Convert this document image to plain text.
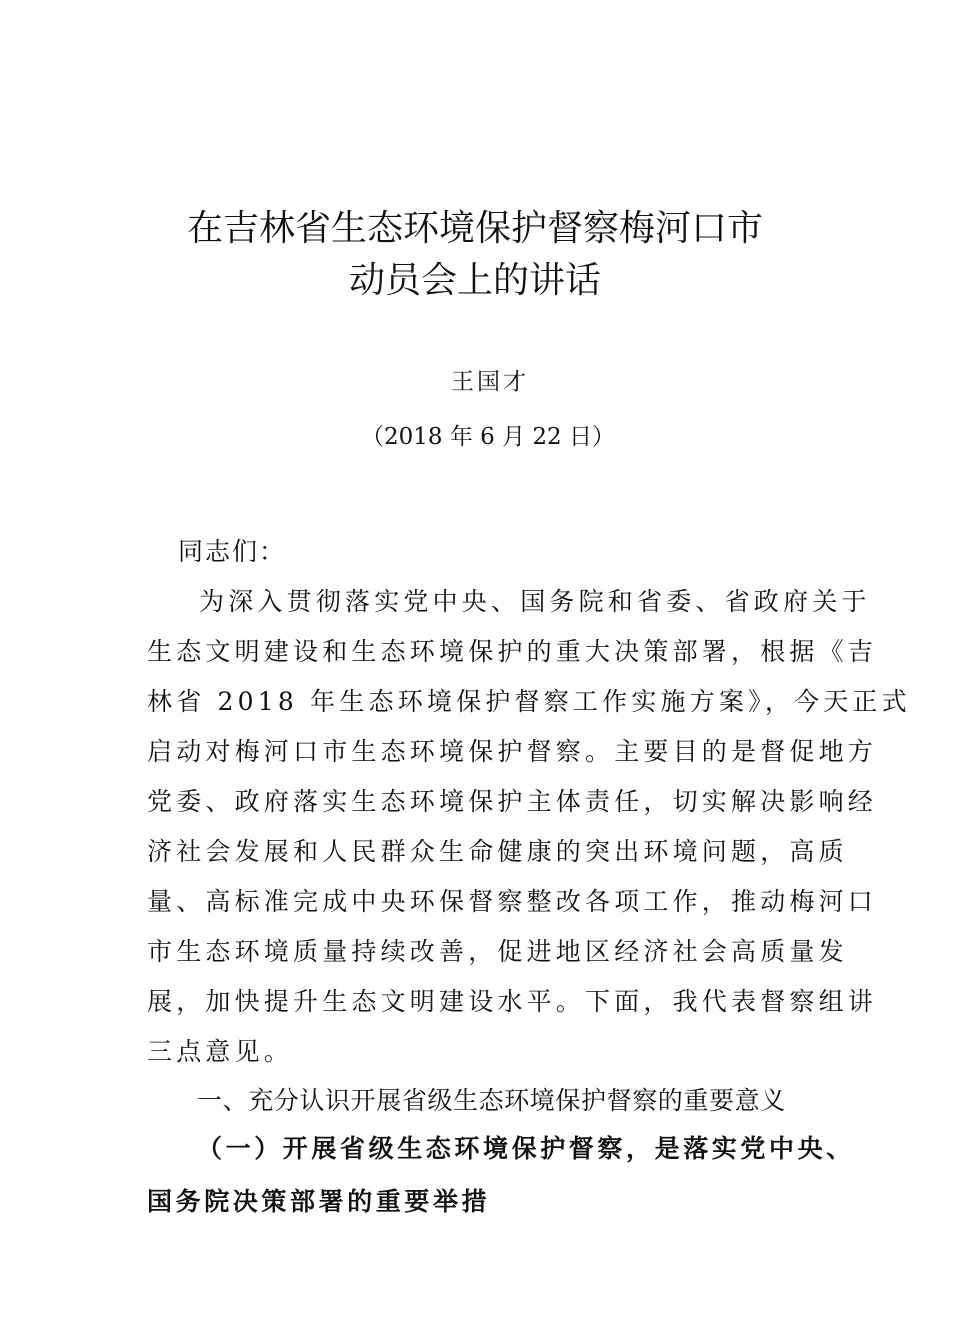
在吉林省生态环境保护督察梅河口市
动员会上的讲话
王国才
（2018 年 6 月 22 日）
同志们：
为深入贯彻落实党中央、国务院和省委、省政府关于
生态文明建设和生态环境保护的重大决策部署，根据《吉
林省 2018 年生态环境保护督察工作实施方案》，今天正式
启动对梅河口市生态环境保护督察。主要目的是督促地方
党委、政府落实生态环境保护主体责任，切实解决影响经
济社会发展和人民群众生命健康的突出环境问题，高质
量、高标准完成中央环保督察整改各项工作，推动梅河口
市生态环境质量持续改善，促进地区经济社会高质量发
展，加快提升生态文明建设水平。下面，我代表督察组讲
三点意见。
一、充分认识开展省级生态环境保护督察的重要意义
（一）开展省级生态环境保护督察，是落实党中央、
国务院决策部署的重要举措
